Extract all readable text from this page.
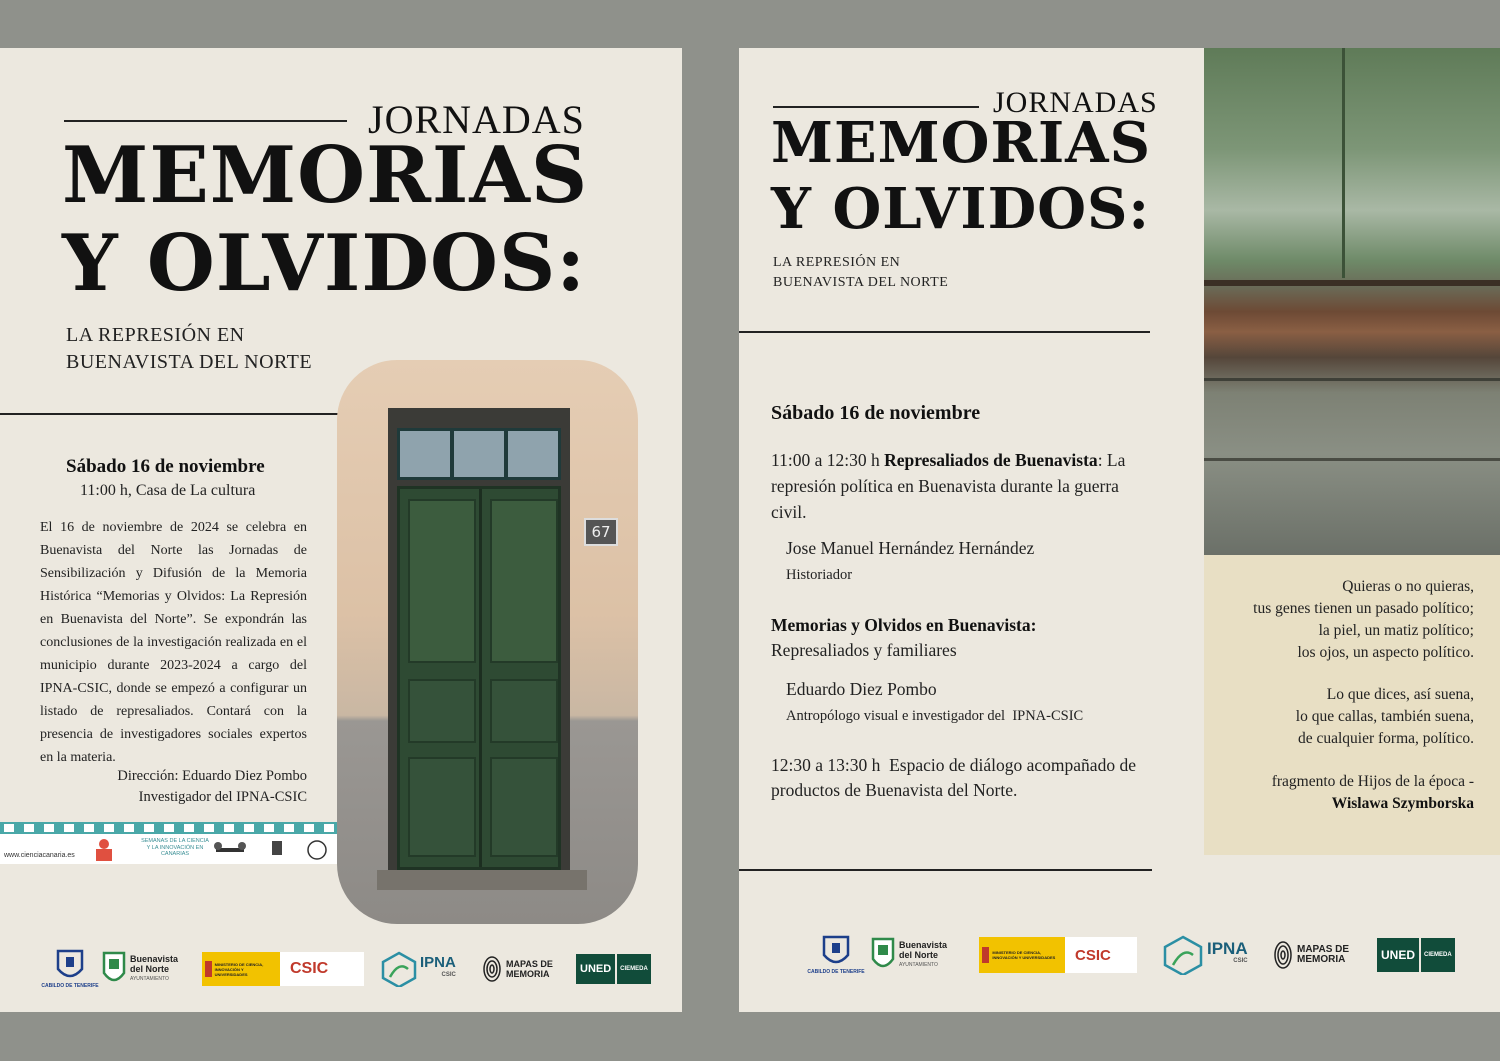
JORNADAS
MEMORIAS
Y OLVIDOS:
LA REPRESIÓN EN
BUENAVISTA DEL NORTE
Sábado 16 de noviembre
11:00 h, Casa de La cultura
El 16 de noviembre de 2024 se celebra en Buenavista del Norte las Jornadas de Sensibilización y Difusión de la Memoria Histórica “Memorias y Olvidos: La Represión en Buenavista del Norte”. Se expondrán las conclusiones de la investigación realizada en el municipio durante 2023-2024 a cargo del IPNA-CSIC, donde se empezó a configurar un listado de represaliados. Contará con la presencia de investigadores sociales expertos en la materia.
Dirección: Eduardo Diez Pombo
Investigador del IPNA-CSIC
www.cienciacanaria.es
SEMANAS DE LA CIENCIA Y LA INNOVACIÓN EN CANARIAS
67
CABILDO DE TENERIFE
Buenavista
del Norte
AYUNTAMIENTO
MINISTERIO DE CIENCIA, INNOVACIÓN Y UNIVERSIDADES	CSIC	IPNA
CSIC
MAPAS DE
MEMORIA	UNED	CIEMEDA
JORNADAS
MEMORIAS
Y OLVIDOS:
LA REPRESIÓN EN
BUENAVISTA DEL NORTE
Sábado 16 de noviembre
11:00 a 12:30 h Represaliados de Buenavista: La represión política en Buenavista durante la guerra civil.
Jose Manuel Hernández Hernández
Historiador
Memorias y Olvidos en Buenavista:
Represaliados y familiares
Eduardo Diez Pombo
Antropólogo visual e investigador del  IPNA-CSIC
12:30 a 13:30 h  Espacio de diálogo acompañado de productos de Buenavista del Norte.
Quieras o no quieras,
tus genes tienen un pasado político;
la piel, un matiz político;
los ojos, un aspecto político.
Lo que dices, así suena,
lo que callas, también suena,
de cualquier forma, político.
fragmento de Hijos de la época -
Wislawa Szymborska
CABILDO DE TENERIFE
Buenavista
del Norte
AYUNTAMIENTO
MINISTERIO DE CIENCIA, INNOVACIÓN Y UNIVERSIDADES	CSIC	IPNA
CSIC
MAPAS DE
MEMORIA	UNED	CIEMEDA
